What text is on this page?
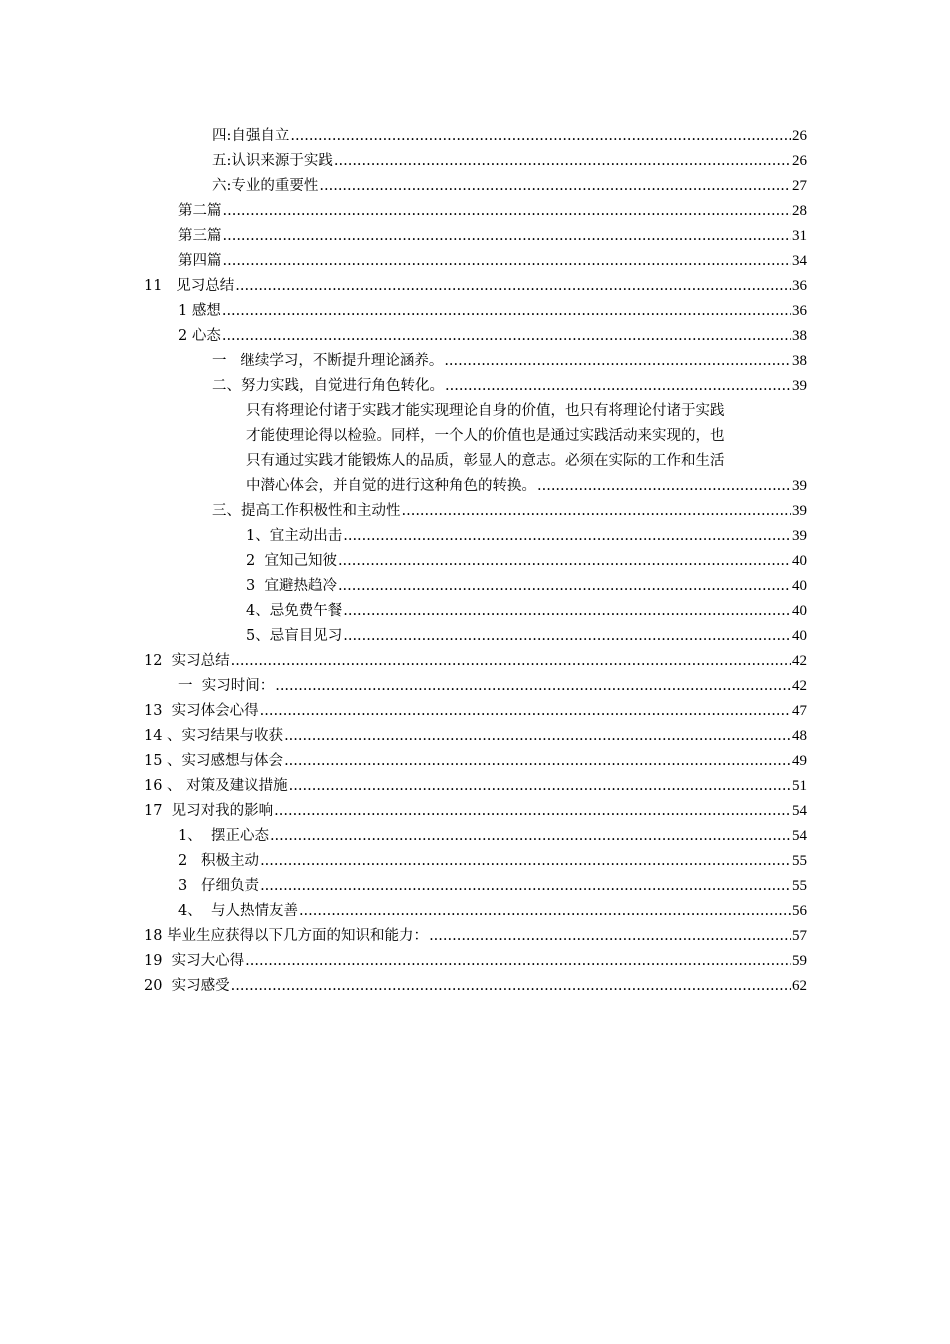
四:自强自立 .....	26
五:认识来源于实践 .....	26
六:专业的重要性 .....	27
第二篇 .....	28
第三篇 .....	31
第四篇 .....	34
11   见习总结 .....	36
1 感想 .....	36
2 心态 .....	38
一   继续学习，不断提升理论涵养。 .....	38
二、努力实践，自觉进行角色转化。 .....	39
只有将理论付诸于实践才能实现理论自身的价值，也只有将理论付诸于实践
才能使理论得以检验。同样，一个人的价值也是通过实践活动来实现的，也
只有通过实践才能锻炼人的品质，彰显人的意志。必须在实际的工作和生活
中潜心体会，并自觉的进行这种角色的转换。 .....	39
三、提高工作积极性和主动性 .....	39
1、宜主动出击 .....	39
2  宜知己知彼 .....	40
3  宜避热趋冷 .....	40
4、忌免费午餐 .....	40
5、忌盲目见习 .....	40
12  实习总结 .....	42
一  实习时间： .....	42
13  实习体会心得 .....	47
14 、实习结果与收获 .....	48
15 、实习感想与体会 .....	49
16 、 对策及建议措施 .....	51
17  见习对我的影响 .....	54
1、  摆正心态 .....	54
2   积极主动 .....	55
3   仔细负责 .....	55
4、  与人热情友善 .....	56
18 毕业生应获得以下几方面的知识和能力： .....	57
19  实习大心得 .....	59
20  实习感受 .....	62
